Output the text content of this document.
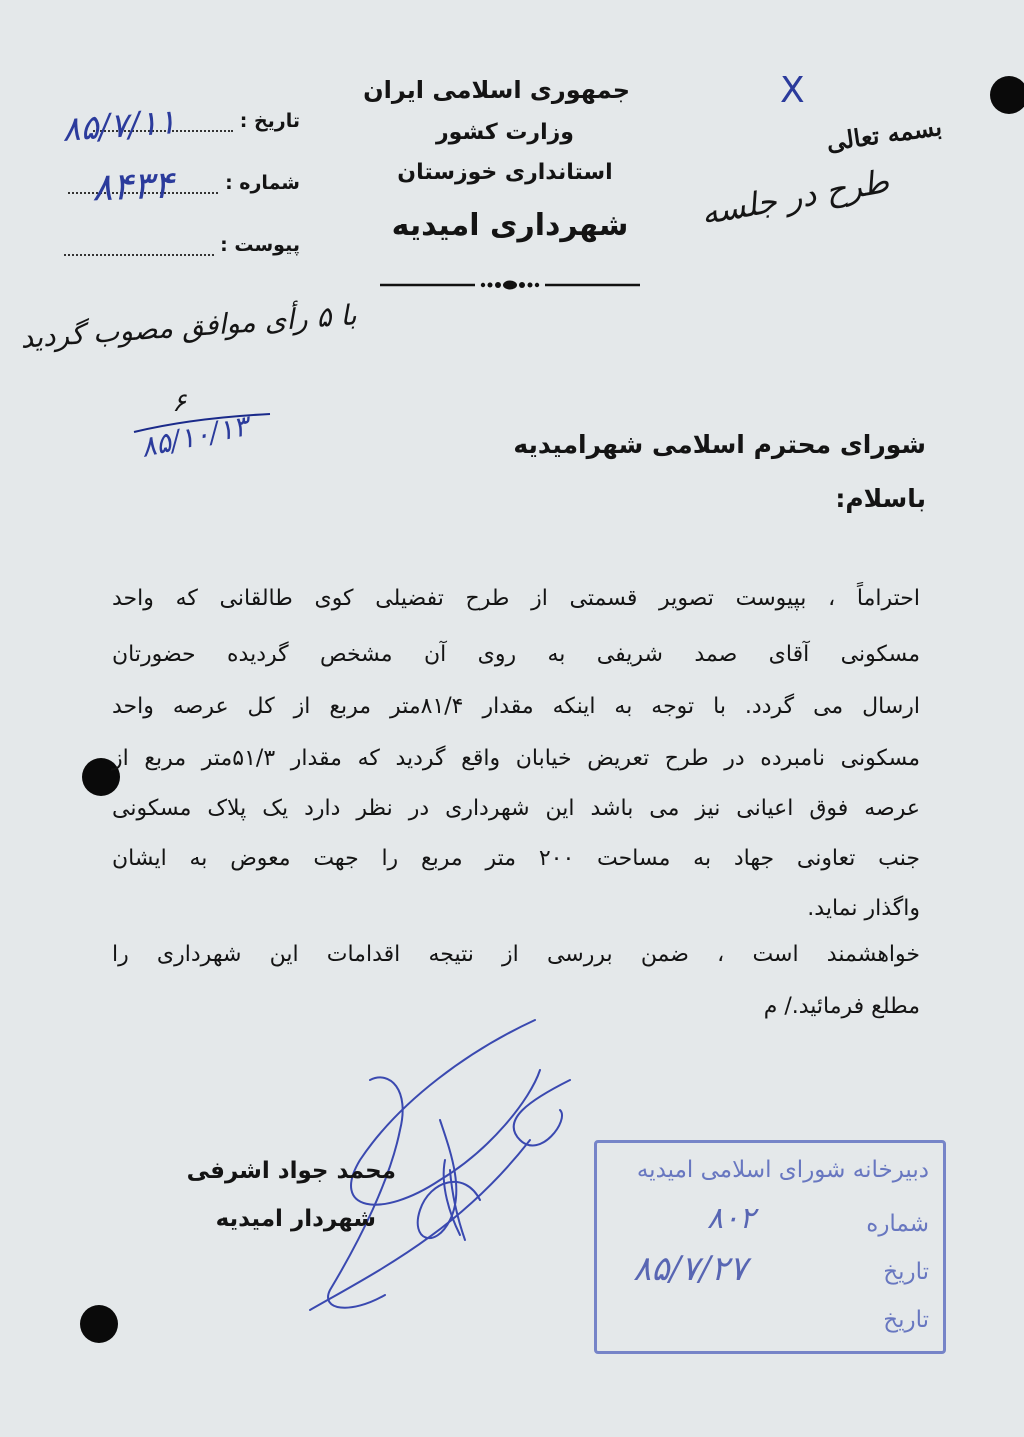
جمهوری اسلامی ایران
وزارت کشور
استانداری خوزستان
شهرداری امیدیه
بسمه تعالی
تاریخ :
۸۵/۷/۱۱
شماره :
۸۴۳۴
پیوست :
X
طرح در جلسه
با ۵ رأی موافق مصوب گردید
۶
۸۵/۱۰/۱۳	شورای محترم اسلامی شهرامیدیه
باسلام:
احتراماً ، بپیوست تصویر قسمتی از طرح تفضیلی کوی طالقانی که واحد
مسکونی آقای صمد شریفی به روی آن مشخص گردیده حضورتان
ارسال می گردد. با توجه به اینکه مقدار ۸۱/۴متر مربع از کل عرصه واحد
مسکونی نامبرده در طرح تعریض خیابان واقع گردید که مقدار ۵۱/۳متر مربع از
عرصه فوق اعیانی نیز می باشد این شهرداری در نظر دارد یک پلاک مسکونی
جنب تعاونی جهاد به مساحت ۲۰۰ متر مربع را جهت معوض به ایشان
واگذار نماید.
خواهشمند است ، ضمن بررسی از نتیجه اقدامات این شهرداری را
مطلع فرمائید./ م
محمد جواد اشرفی
شهردار امیدیه
دبیرخانه شورای اسلامی امیدیه
شماره
۸۰۲
تاریخ
۸۵/۷/۲۷
تاریخ
